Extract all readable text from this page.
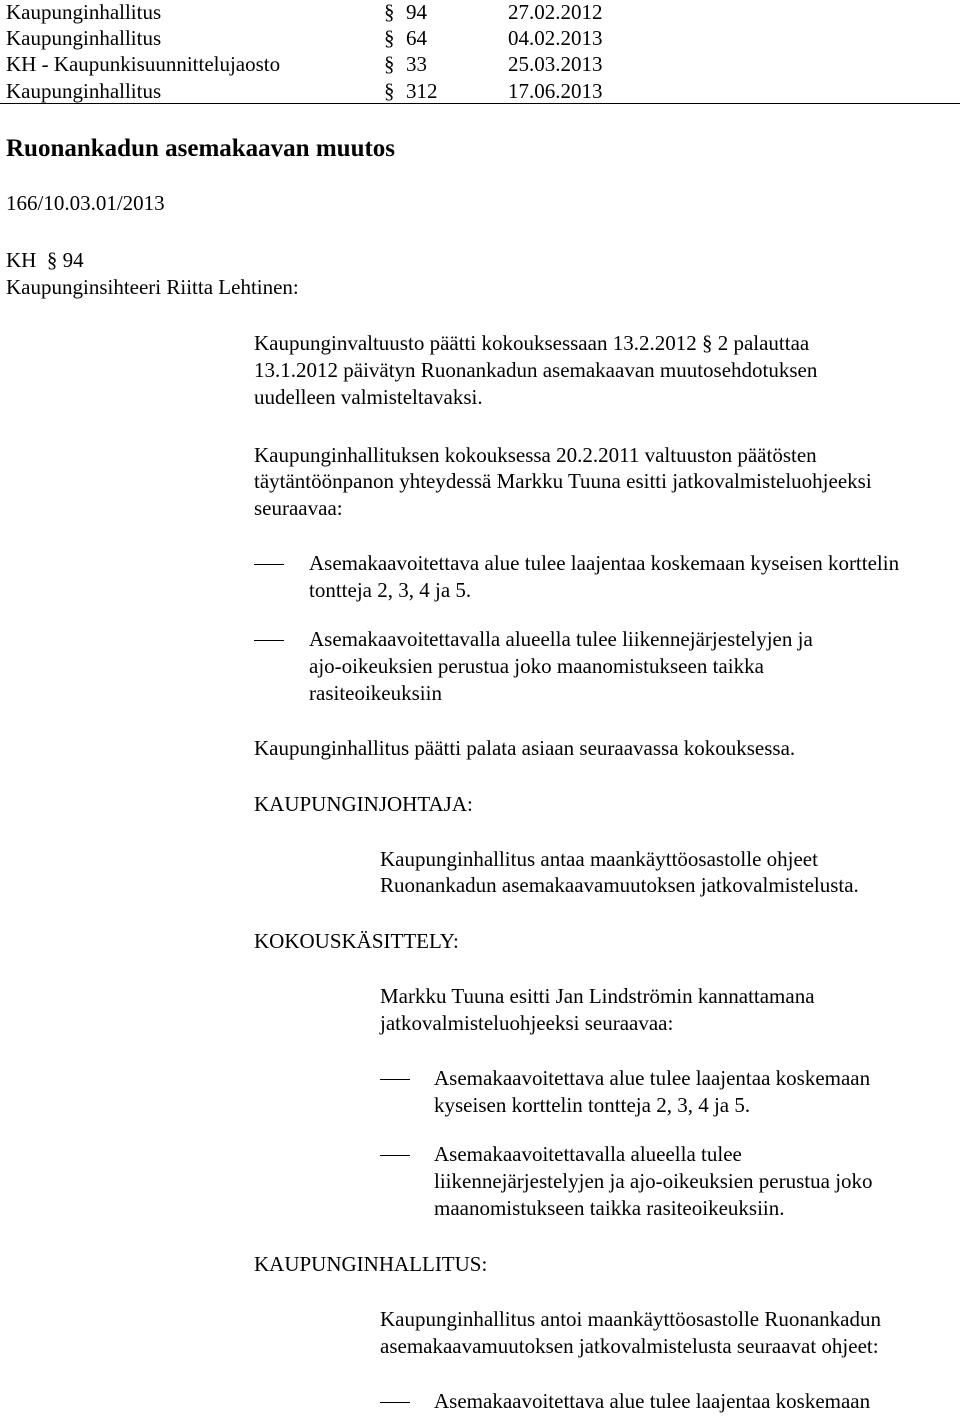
Kaupunginhallitus	§ 94	27.02.2012
Kaupunginhallitus	§ 64	04.02.2013
KH - Kaupunkisuunnittelujaosto	§ 33	25.03.2013
Kaupunginhallitus	§ 312	17.06.2013
Ruonankadun asemakaavan muutos
166/10.03.01/2013
KH  § 94
Kaupunginsihteeri Riitta Lehtinen:
Kaupunginvaltuusto päätti kokouksessaan 13.2.2012 § 2 palauttaa
13.1.2012 päivätyn Ruonankadun asemakaavan muutosehdotuksen
uudelleen valmisteltavaksi.
Kaupunginhallituksen kokouksessa 20.2.2011 valtuuston päätösten
täytäntöönpanon yhteydessä Markku Tuuna esitti jatkovalmisteluohjeeksi
seuraavaa:
Asemakaavoitettava alue tulee laajentaa koskemaan kyseisen korttelin
tontteja 2, 3, 4 ja 5.
Asemakaavoitettavalla alueella tulee liikennejärjestelyjen ja
ajo-oikeuksien perustua joko maanomistukseen taikka
rasiteoikeuksiin
Kaupunginhallitus päätti palata asiaan seuraavassa kokouksessa.
KAUPUNGINJOHTAJA:
Kaupunginhallitus antaa maankäyttöosastolle ohjeet
Ruonankadun asemakaavamuutoksen jatkovalmistelusta.
KOKOUSKÄSITTELY:
Markku Tuuna esitti Jan Lindströmin kannattamana
jatkovalmisteluohjeeksi seuraavaa:
Asemakaavoitettava alue tulee laajentaa koskemaan
kyseisen korttelin tontteja 2, 3, 4 ja 5.
Asemakaavoitettavalla alueella tulee
liikennejärjestelyjen ja ajo-oikeuksien perustua joko
maanomistukseen taikka rasiteoikeuksiin.
KAUPUNGINHALLITUS:
Kaupunginhallitus antoi maankäyttöosastolle Ruonankadun
asemakaavamuutoksen jatkovalmistelusta seuraavat ohjeet:
Asemakaavoitettava alue tulee laajentaa koskemaan
